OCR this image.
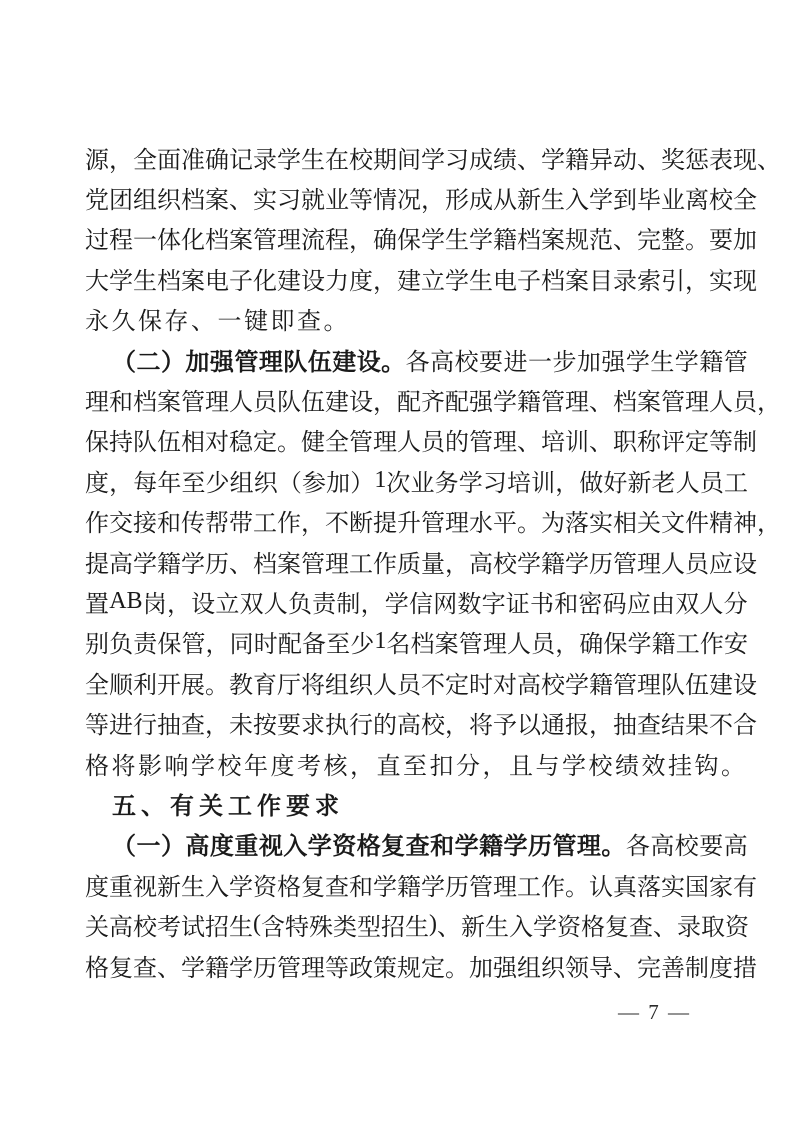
源 ， 全 面 准 确 记 录 学 生 在 校 期 间 学 习 成 绩 、 学 籍 异 动 、 奖 惩 表 现 、
党 团 组 织 档 案 、 实 习 就 业 等 情 况 ， 形 成 从 新 生 入 学 到 毕 业 离 校 全
过 程 一 体 化 档 案 管 理 流 程 ， 确 保 学 生 学 籍 档 案 规 范 、 完 整 。 要 加
大 学 生 档 案 电 子 化 建 设 力 度 ， 建 立 学 生 电 子 档 案 目 录 索 引 ， 实 现
永 久 保 存 、 一 键 即 查 。
（ 二 ） 加 强 管 理 队 伍 建 设 。 各 高 校 要 进 一 步 加 强 学 生 学 籍 管
理 和 档 案 管 理 人 员 队 伍 建 设 ， 配 齐 配 强 学 籍 管 理 、 档 案 管 理 人 员 ，
保 持 队 伍 相 对 稳 定 。 健 全 管 理 人 员 的 管 理 、 培 训 、 职 称 评 定 等 制
度 ， 每 年 至 少 组 织 （ 参 加 ） 1 次 业 务 学 习 培 训 ， 做 好 新 老 人 员 工
作 交 接 和 传 帮 带 工 作 ， 不 断 提 升 管 理 水 平 。 为 落 实 相 关 文 件 精 神 ，
提 高 学 籍 学 历 、 档 案 管 理 工 作 质 量 ， 高 校 学 籍 学 历 管 理 人 员 应 设
置 AB 岗 ， 设 立 双 人 负 责 制 ， 学 信 网 数 字 证 书 和 密 码 应 由 双 人 分
别 负 责 保 管 ， 同 时 配 备 至 少 1 名 档 案 管 理 人 员 ， 确 保 学 籍 工 作 安
全 顺 利 开 展 。 教 育 厅 将 组 织 人 员 不 定 时 对 高 校 学 籍 管 理 队 伍 建 设
等 进 行 抽 查 ， 未 按 要 求 执 行 的 高 校 ， 将 予 以 通 报 ， 抽 查 结 果 不 合
格 将 影 响 学 校 年 度 考 核 ， 直 至 扣 分 ， 且 与 学 校 绩 效 挂 钩 。
五 、 有 关 工 作 要 求
（ 一 ） 高 度 重 视 入 学 资 格 复 查 和 学 籍 学 历 管 理 。 各 高 校 要 高
度 重 视 新 生 入 学 资 格 复 查 和 学 籍 学 历 管 理 工 作 。 认 真 落 实 国 家 有
关 高 校 考 试 招 生 ( 含 特 殊 类 型 招 生 ) 、 新 生 入 学 资 格 复 查 、 录 取 资
格 复 查 、 学 籍 学 历 管 理 等 政 策 规 定 。 加 强 组 织 领 导 、 完 善 制 度 措
— 7 —
